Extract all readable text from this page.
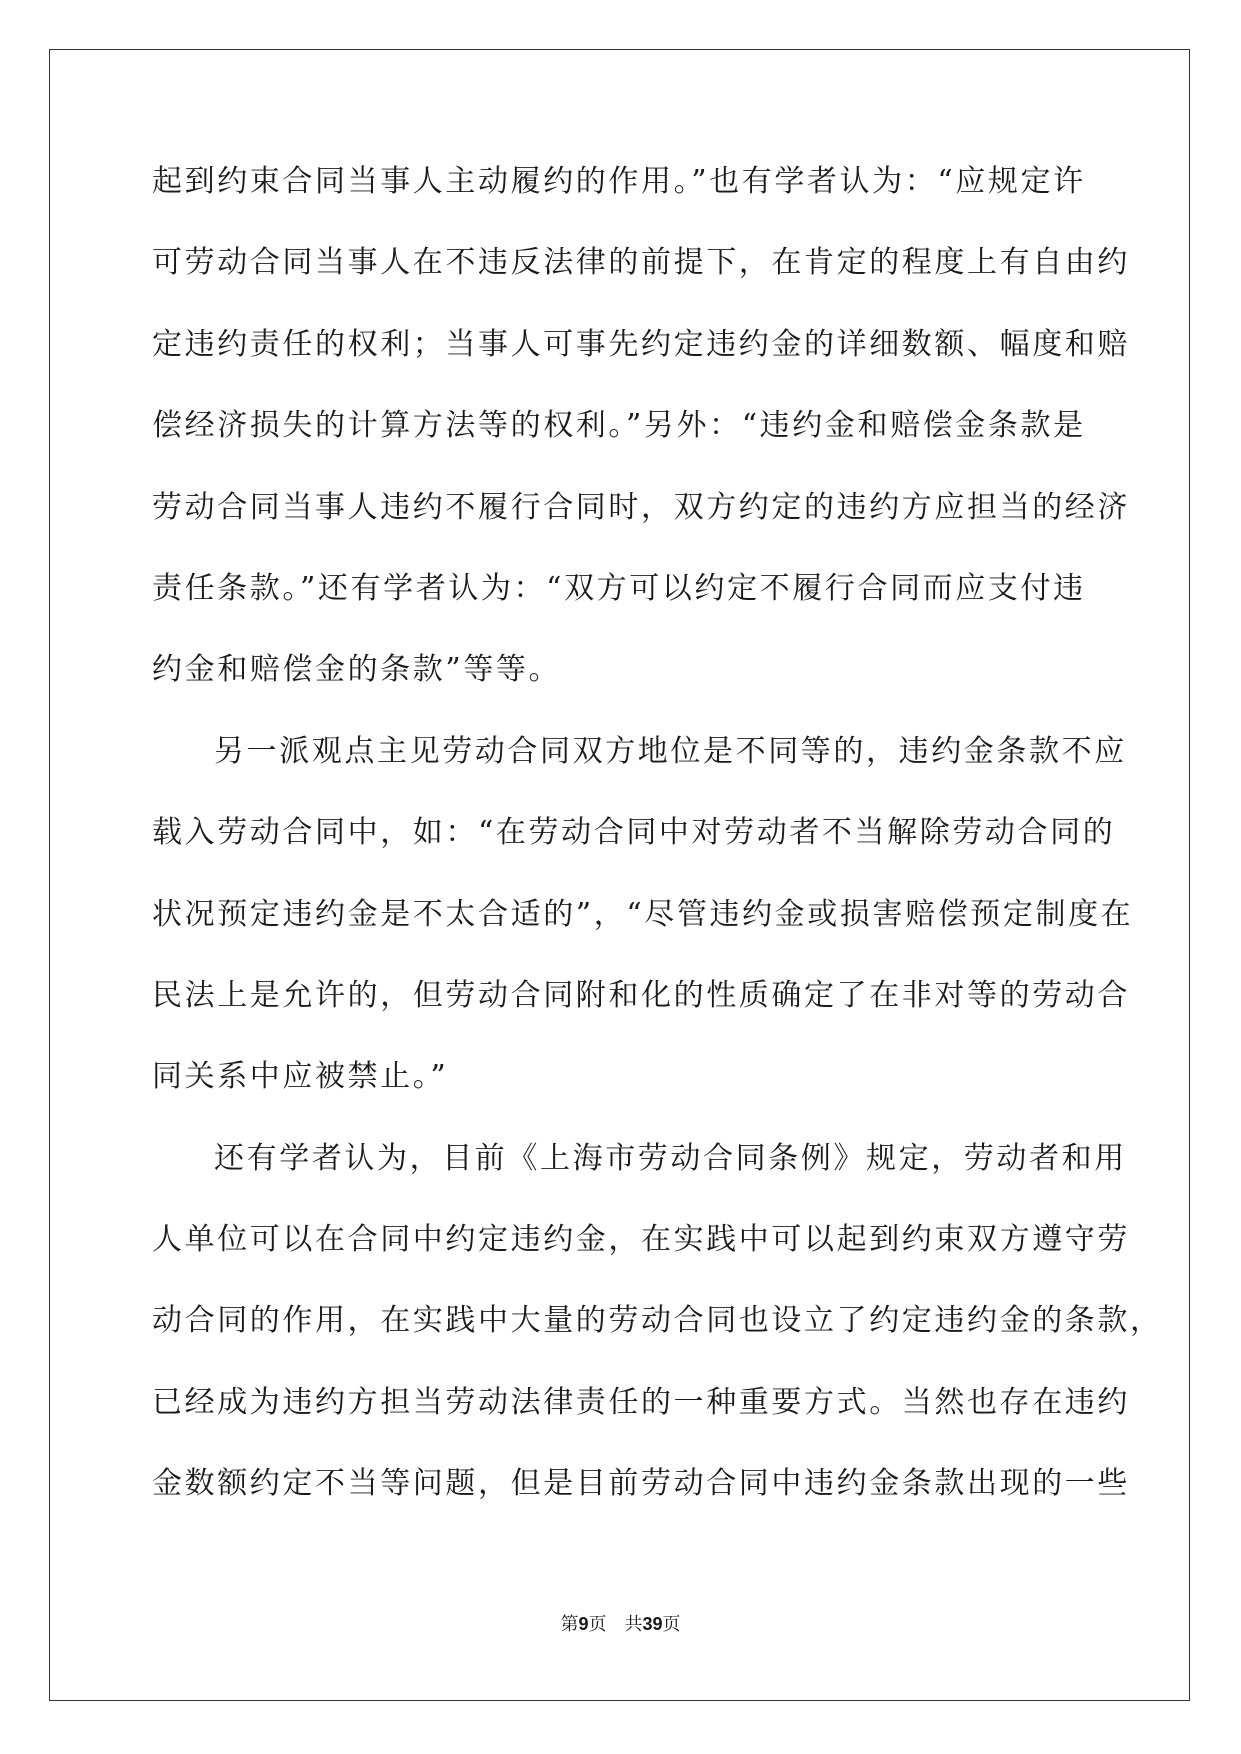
起到约束合同当事人主动履约的作用。”也有学者认为：“应规定许
可劳动合同当事人在不违反法律的前提下，在肯定的程度上有自由约
定违约责任的权利；当事人可事先约定违约金的详细数额、幅度和赔
偿经济损失的计算方法等的权利。”另外：“违约金和赔偿金条款是
劳动合同当事人违约不履行合同时，双方约定的违约方应担当的经济
责任条款。”还有学者认为：“双方可以约定不履行合同而应支付违
约金和赔偿金的条款”等等。
另一派观点主见劳动合同双方地位是不同等的，违约金条款不应
载入劳动合同中，如：“在劳动合同中对劳动者不当解除劳动合同的
状况预定违约金是不太合适的”，“尽管违约金或损害赔偿预定制度在
民法上是允许的，但劳动合同附和化的性质确定了在非对等的劳动合
同关系中应被禁止。”
还有学者认为，目前《上海市劳动合同条例》规定，劳动者和用
人单位可以在合同中约定违约金，在实践中可以起到约束双方遵守劳
动合同的作用，在实践中大量的劳动合同也设立了约定违约金的条款，
已经成为违约方担当劳动法律责任的一种重要方式。当然也存在违约
金数额约定不当等问题，但是目前劳动合同中违约金条款出现的一些
第9页 共39页
